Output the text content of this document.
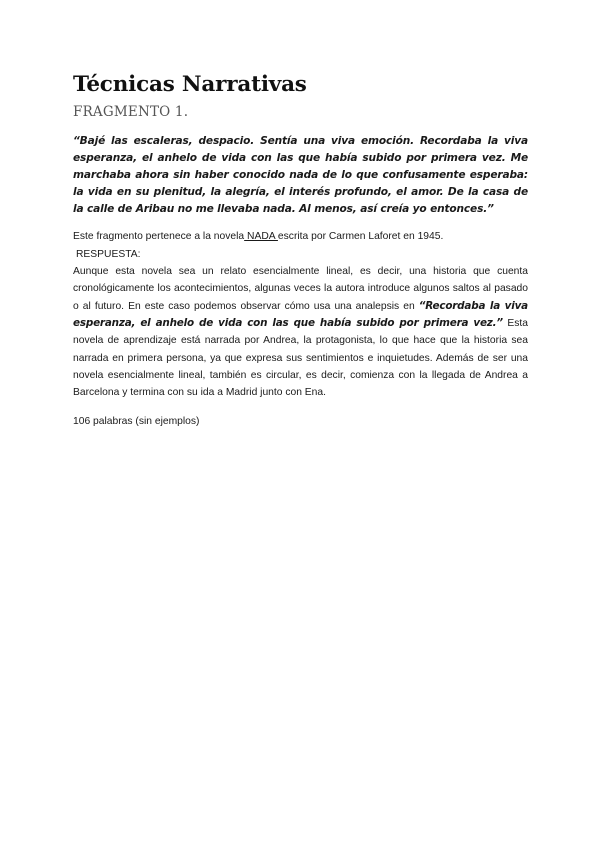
Técnicas Narrativas
FRAGMENTO 1.

“Bajé las escaleras, despacio. Sentía una viva emoción. Recordaba la viva esperanza, el anhelo de vida con las que había subido por primera vez. Me marchaba ahora sin haber conocido nada de lo que confusamente esperaba: la vida en su plenitud, la alegría, el interés profundo, el amor. De la casa de la calle de Aribau no me llevaba nada. Al menos, así creía yo entonces.”

Este fragmento pertenece a la novela NADA escrita por Carmen Laforet en 1945.

RESPUESTA:

Aunque esta novela sea un relato esencialmente lineal, es decir, una historia que cuenta cronológicamente los acontecimientos, algunas veces la autora introduce algunos saltos al pasado o al futuro. En este caso podemos observar cómo usa una analepsis en “Recordaba la viva esperanza, el anhelo de vida con las que había subido por primera vez.” Esta novela de aprendizaje está narrada por Andrea, la protagonista, lo que hace que la historia sea narrada en primera persona, ya que expresa sus sentimientos e inquietudes. Además de ser una novela esencialmente lineal, también es circular, es decir, comienza con la llegada de Andrea a Barcelona y termina con su ida a Madrid junto con Ena.

106 palabras (sin ejemplos)
